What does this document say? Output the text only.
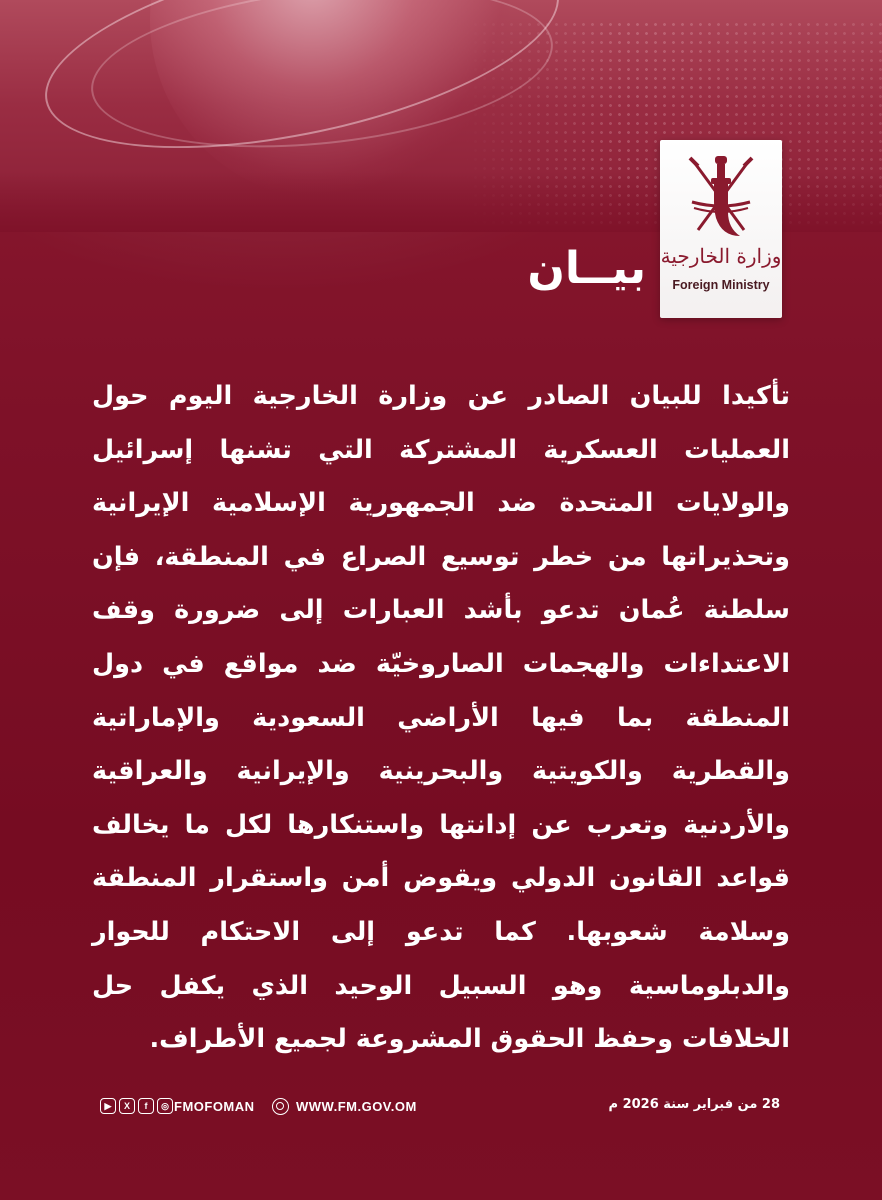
وزارة الخارجية
Foreign Ministry
بيــان
تأكيدا للبيان الصادر عن وزارة الخارجية اليوم حول العمليات العسكرية المشتركة التي تشنها إسرائيل والولايات المتحدة ضد الجمهورية الإسلامية الإيرانية وتحذيراتها من خطر توسيع الصراع في المنطقة، فإن سلطنة عُمان تدعو بأشد العبارات إلى ضرورة وقف الاعتداءات والهجمات الصاروخيّة ضد مواقع في دول المنطقة بما فيها الأراضي السعودية والإماراتية والقطرية والكويتية والبحرينية والإيرانية والعراقية والأردنية وتعرب عن إدانتها واستنكارها لكل ما يخالف قواعد القانون الدولي ويقوض أمن واستقرار المنطقة وسلامة شعوبها. كما تدعو إلى الاحتكام للحوار والدبلوماسية وهو السبيل الوحيد الذي يكفل حل الخلافات وحفظ الحقوق المشروعة لجميع الأطراف.
▶	X	f	◎ FMOFOMAN	WWW.FM.GOV.OM	28 من فبراير سنة 2026 م
